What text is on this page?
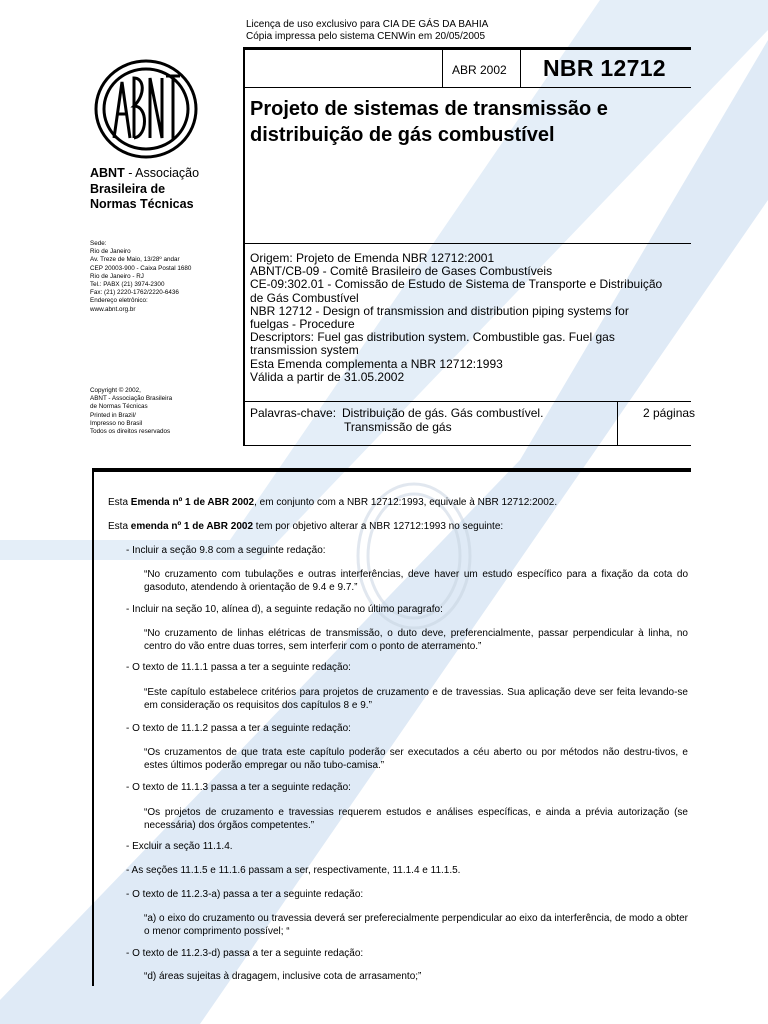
Licença de uso exclusivo para CIA DE GÁS DA BAHIA
Cópia impressa pelo sistema CENWin em 20/05/2005
ABNT - Associação
Brasileira de
Normas Técnicas
Sede:
Rio de Janeiro
Av. Treze de Maio, 13/28º andar
CEP 20003-900 - Caixa Postal 1680
Rio de Janeiro - RJ
Tel.: PABX (21) 3974-2300
Fax: (21) 2220-1762/2220-6436
Endereço eletrônico:
www.abnt.org.br
Copyright © 2002,
ABNT - Associação Brasileira
de Normas Técnicas
Printed in Brazil/
Impresso no Brasil
Todos os direitos reservados
ABR 2002 NBR 12712
Projeto de sistemas de transmissão e
distribuição de gás combustível
Origem: Projeto de Emenda NBR 12712:2001
ABNT/CB-09 - Comitê Brasileiro de Gases Combustíveis
CE-09:302.01 - Comissão de Estudo de Sistema de Transporte e Distribuição
de Gás Combustível
NBR 12712 - Design of transmission and distribution piping systems for
fuelgas - Procedure
Descriptors: Fuel gas distribution system. Combustible gas. Fuel gas
transmission system
Esta Emenda complementa a NBR 12712:1993
Válida a partir de 31.05.2002
Palavras-chave: Distribuição de gás. Gás combustível.
Transmissão de gás
2 páginas
Esta Emenda nº 1 de ABR 2002, em conjunto com a NBR 12712:1993, equivale à NBR 12712:2002.
Esta emenda nº 1 de ABR 2002 tem por objetivo alterar a NBR 12712:1993 no seguinte:
- Incluir a seção 9.8 com a seguinte redação:
“No cruzamento com tubulações e outras interferências, deve haver um estudo específico para a fixação da cota do gasoduto, atendendo à orientação de 9.4 e 9.7.”
- Incluir na seção 10, alínea d), a seguinte redação no último paragrafo:
“No cruzamento de linhas elétricas de transmissão, o duto deve, preferencialmente, passar perpendicular à linha, no centro do vão entre duas torres, sem interferir com o ponto de aterramento.”
- O texto de 11.1.1 passa a ter a seguinte redação:
“Este capítulo estabelece critérios para projetos de cruzamento e de travessias. Sua aplicação deve ser feita levando-se em consideração os requisitos dos capítulos 8 e 9.”
- O texto de 11.1.2 passa a ter a seguinte redação:
“Os cruzamentos de que trata este capítulo poderão ser executados a céu aberto ou por métodos não destru-tivos, e estes últimos poderão empregar ou não tubo-camisa.”
- O texto de 11.1.3 passa a ter a seguinte redação:
“Os projetos de cruzamento e travessias requerem estudos e análises específicas, e ainda a prévia autorização (se necessária) dos órgãos competentes.”
- Excluir a seção 11.1.4.
- As seções 11.1.5 e 11.1.6 passam a ser, respectivamente, 11.1.4 e 11.1.5.
- O texto de 11.2.3-a) passa a ter a seguinte redação:
“a) o eixo do cruzamento ou travessia deverá ser preferecialmente perpendicular ao eixo da interferência, de modo a obter o menor comprimento possível; “
- O texto de 11.2.3-d) passa a ter a seguinte redação:
“d) áreas sujeitas à dragagem, inclusive cota de arrasamento;”
